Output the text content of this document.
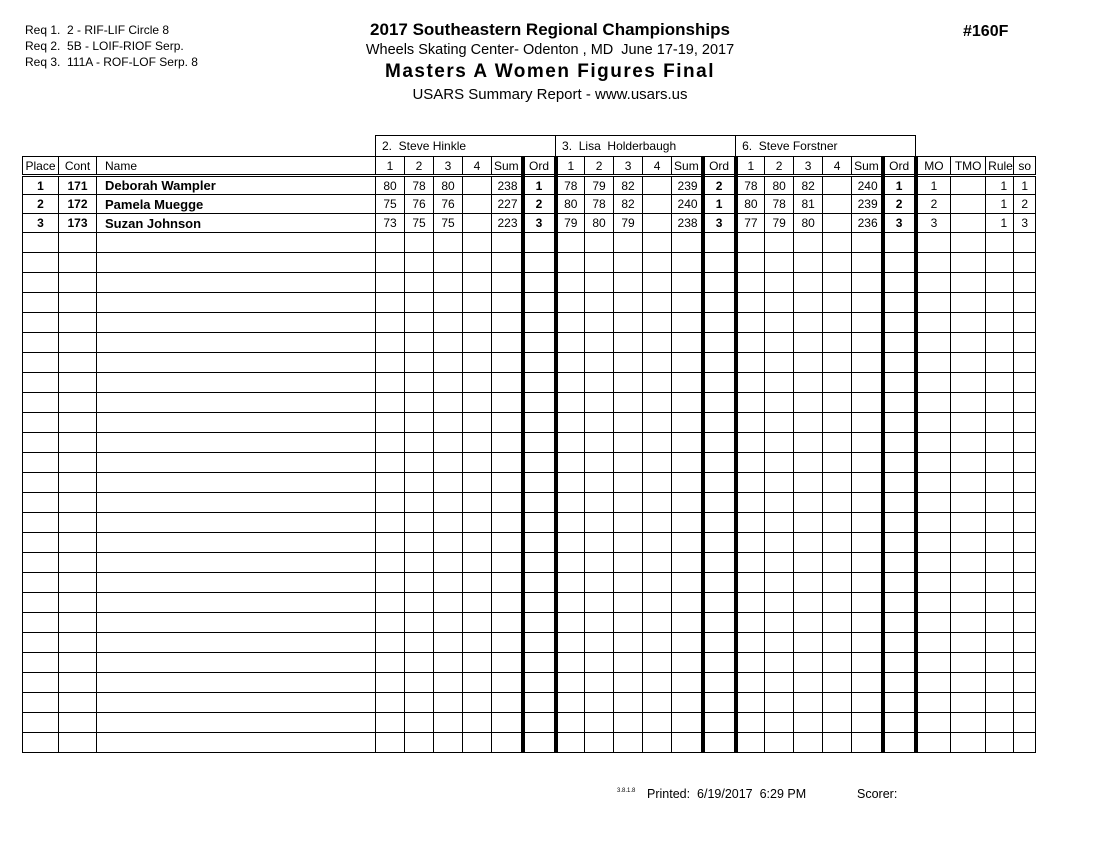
Req 1.  2 - RIF-LIF Circle 8
Req 2.  5B - LOIF-RIOF Serp.
Req 3.  111A - ROF-LOF Serp. 8
2017 Southeastern Regional Championships
Wheels Skating Center- Odenton , MD  June 17-19, 2017
Masters A Women Figures Final
USARS Summary Report - www.usars.us
#160F
			2.  Steve Hinkle						3.  Lisa  Holderbaugh						6.  Steve Forstner									
Place	Cont	Name	1	2	3	4	Sum	Ord	1	2	3	4	Sum	Ord	1	2	3	4	Sum	Ord	MO	TMO	Rule	so
1	171	Deborah Wampler	80	78	80		238	1	78	79	82		239	2	78	80	82		240	1	1		1	1
2	172	Pamela Muegge	75	76	76		227	2	80	78	82		240	1	80	78	81		239	2	2		1	2
3	173	Suzan Johnson	73	75	75		223	3	79	80	79		238	3	77	79	80		236	3	3		1	3

3.8.1.8 Printed:  6/19/2017  6:29 PM	Scorer:
